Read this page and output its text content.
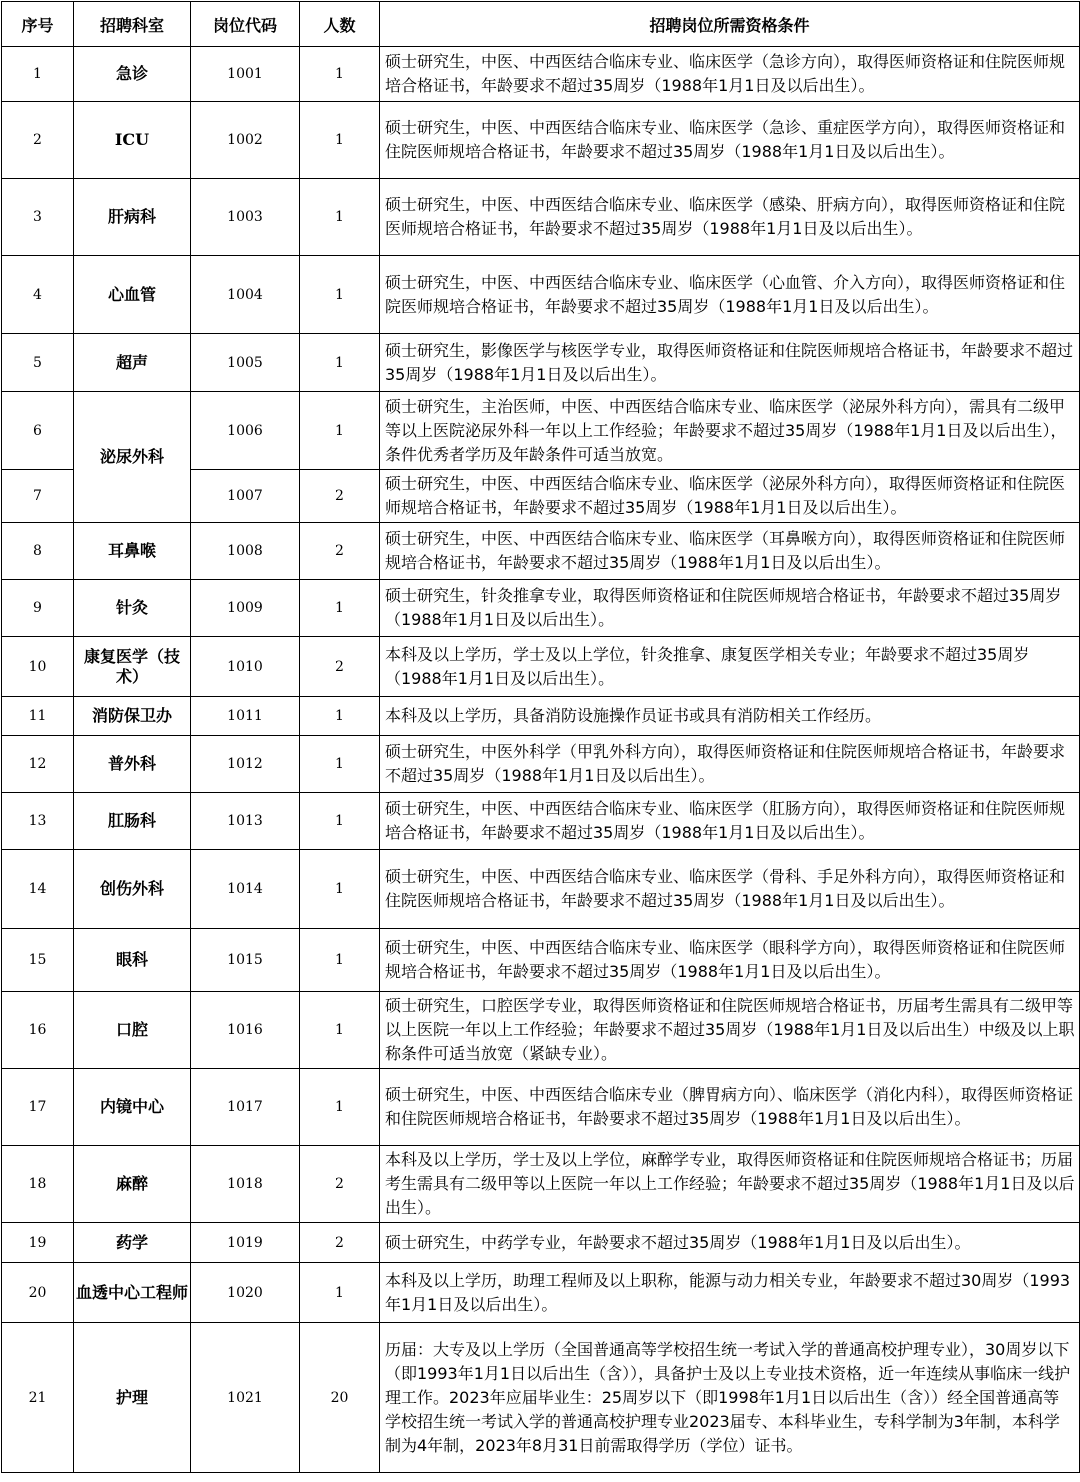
序号	招聘科室	岗位代码	人数	招聘岗位所需资格条件
1	急诊	1001	1	硕士研究生，中医、中西医结合临床专业、临床医学（急诊方向），取得医师资格证和住院医师规培合格证书，年龄要求不超过35周岁（1988年1月1日及以后出生）。
2	ICU	1002	1	硕士研究生，中医、中西医结合临床专业、临床医学（急诊、重症医学方向），取得医师资格证和住院医师规培合格证书，年龄要求不超过35周岁（1988年1月1日及以后出生）。
3	肝病科	1003	1	硕士研究生，中医、中西医结合临床专业、临床医学（感染、肝病方向），取得医师资格证和住院医师规培合格证书，年龄要求不超过35周岁（1988年1月1日及以后出生）。
4	心血管	1004	1	硕士研究生，中医、中西医结合临床专业、临床医学（心血管、介入方向），取得医师资格证和住院医师规培合格证书，年龄要求不超过35周岁（1988年1月1日及以后出生）。
5	超声	1005	1	硕士研究生，影像医学与核医学专业，取得医师资格证和住院医师规培合格证书，年龄要求不超过35周岁（1988年1月1日及以后出生）。
6	泌尿外科	1006	1	硕士研究生，主治医师，中医、中西医结合临床专业、临床医学（泌尿外科方向），需具有二级甲等以上医院泌尿外科一年以上工作经验；年龄要求不超过35周岁（1988年1月1日及以后出生），条件优秀者学历及年龄条件可适当放宽。
7		1007	2	硕士研究生，中医、中西医结合临床专业、临床医学（泌尿外科方向），取得医师资格证和住院医师规培合格证书，年龄要求不超过35周岁（1988年1月1日及以后出生）。
8	耳鼻喉	1008	2	硕士研究生，中医、中西医结合临床专业、临床医学（耳鼻喉方向），取得医师资格证和住院医师规培合格证书，年龄要求不超过35周岁（1988年1月1日及以后出生）。
9	针灸	1009	1	硕士研究生，针灸推拿专业，取得医师资格证和住院医师规培合格证书，年龄要求不超过35周岁（1988年1月1日及以后出生）。
10	康复医学（技术）	1010	2	本科及以上学历，学士及以上学位，针灸推拿、康复医学相关专业；年龄要求不超过35周岁（1988年1月1日及以后出生）。
11	消防保卫办	1011	1	本科及以上学历，具备消防设施操作员证书或具有消防相关工作经历。
12	普外科	1012	1	硕士研究生，中医外科学（甲乳外科方向），取得医师资格证和住院医师规培合格证书，年龄要求不超过35周岁（1988年1月1日及以后出生）。
13	肛肠科	1013	1	硕士研究生，中医、中西医结合临床专业、临床医学（肛肠方向），取得医师资格证和住院医师规培合格证书，年龄要求不超过35周岁（1988年1月1日及以后出生）。
14	创伤外科	1014	1	硕士研究生，中医、中西医结合临床专业、临床医学（骨科、手足外科方向），取得医师资格证和住院医师规培合格证书，年龄要求不超过35周岁（1988年1月1日及以后出生）。
15	眼科	1015	1	硕士研究生，中医、中西医结合临床专业、临床医学（眼科学方向），取得医师资格证和住院医师规培合格证书，年龄要求不超过35周岁（1988年1月1日及以后出生）。
16	口腔	1016	1	硕士研究生，口腔医学专业，取得医师资格证和住院医师规培合格证书，历届考生需具有二级甲等以上医院一年以上工作经验；年龄要求不超过35周岁（1988年1月1日及以后出生）中级及以上职称条件可适当放宽（紧缺专业）。
17	内镜中心	1017	1	硕士研究生，中医、中西医结合临床专业（脾胃病方向）、临床医学（消化内科），取得医师资格证和住院医师规培合格证书，年龄要求不超过35周岁（1988年1月1日及以后出生）。
18	麻醉	1018	2	本科及以上学历，学士及以上学位，麻醉学专业，取得医师资格证和住院医师规培合格证书；历届考生需具有二级甲等以上医院一年以上工作经验；年龄要求不超过35周岁（1988年1月1日及以后出生）。
19	药学	1019	2	硕士研究生，中药学专业，年龄要求不超过35周岁（1988年1月1日及以后出生）。
20	血透中心工程师	1020	1	本科及以上学历，助理工程师及以上职称，能源与动力相关专业，年龄要求不超过30周岁（1993年1月1日及以后出生）。
21	护理	1021	20	历届：大专及以上学历（全国普通高等学校招生统一考试入学的普通高校护理专业），30周岁以下（即1993年1月1日以后出生（含）），具备护士及以上专业技术资格，近一年连续从事临床一线护理工作。2023年应届毕业生：25周岁以下（即1998年1月1日以后出生（含））经全国普通高等学校招生统一考试入学的普通高校护理专业2023届专、本科毕业生，专科学制为3年制，本科学制为4年制，2023年8月31日前需取得学历（学位）证书。
